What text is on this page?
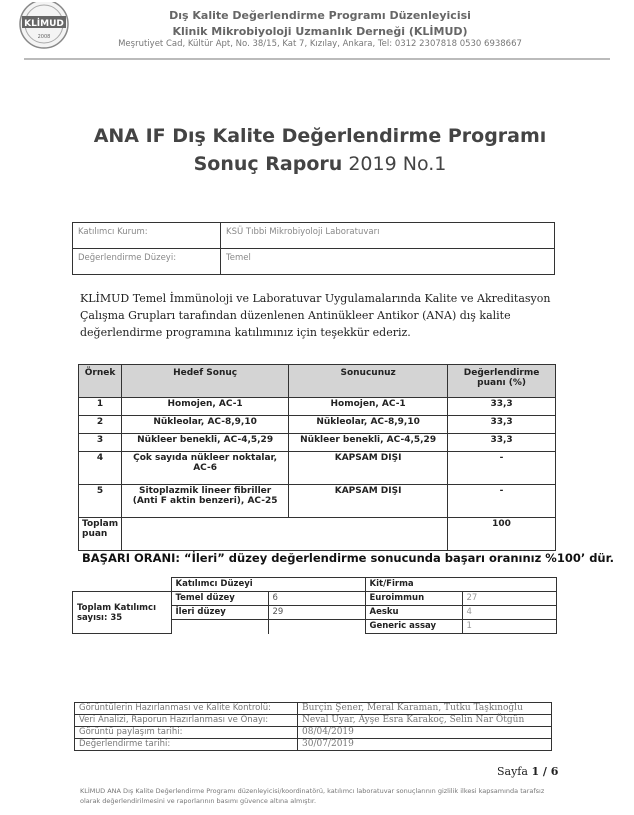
KLİMUD
2008
Dış Kalite Değerlendirme Programı Düzenleyicisi
Klinik Mikrobiyoloji Uzmanlık Derneği (KLİMUD)
Meşrutiyet Cad, Kültür Apt, No. 38/15, Kat 7, Kızılay, Ankara, Tel: 0312 2307818 0530 6938667
ANA IF Dış Kalite Değerlendirme Programı
Sonuç Raporu 2019 No.1
Katılımcı Kurum:	KSÜ Tıbbi Mikrobiyoloji Laboratuvarı
Değerlendirme Düzeyi:	Temel
KLİMUD Temel İmmünoloji ve Laboratuvar Uygulamalarında Kalite ve Akreditasyon Çalışma Grupları tarafından düzenlenen Antinükleer Antikor (ANA) dış kalite değerlendirme programına katılımınız için teşekkür ederiz.
Örnek	Hedef Sonuç	Sonucunuz	Değerlendirme puanı (%)
1	Homojen, AC-1	Homojen, AC-1	33,3
2	Nükleolar, AC-8,9,10	Nükleolar, AC-8,9,10	33,3
3	Nükleer benekli, AC-4,5,29	Nükleer benekli, AC-4,5,29	33,3
4	Çok sayıda nükleer noktalar, AC-6	KAPSAM DIŞI	-
5	Sitoplazmik lineer fibriller (Anti F aktin benzeri), AC-25	KAPSAM DIŞI	-
Toplam puan			100
BAŞARI ORANI: “İleri” düzey değerlendirme sonucunda başarı oranınız %100’ dür.
	Katılımcı Düzeyi		Kit/Firma	
Toplam Katılımcı sayısı: 35	Temel düzey	6	Euroimmun	27
	İleri düzey	29	Aesku	4
			Generic assay	1
Görüntülerin Hazırlanması ve Kalite Kontrolü:	Burçin Şener, Meral Karaman, Tutku Taşkınoğlu
Veri Analizi, Raporun Hazırlanması ve Onayı:	Neval Uyar, Ayşe Esra Karakoç, Selin Nar Ötgün
Görüntü paylaşım tarihi:	08/04/2019
Değerlendirme tarihi:	30/07/2019
Sayfa 1 / 6
KLİMUD ANA Dış Kalite Değerlendirme Programı düzenleyicisi/koordinatörü, katılımcı laboratuvar sonuçlarının gizlilik ilkesi kapsamında tarafsız olarak değerlendirilmesini ve raporlarının basımı güvence altına almıştır.
